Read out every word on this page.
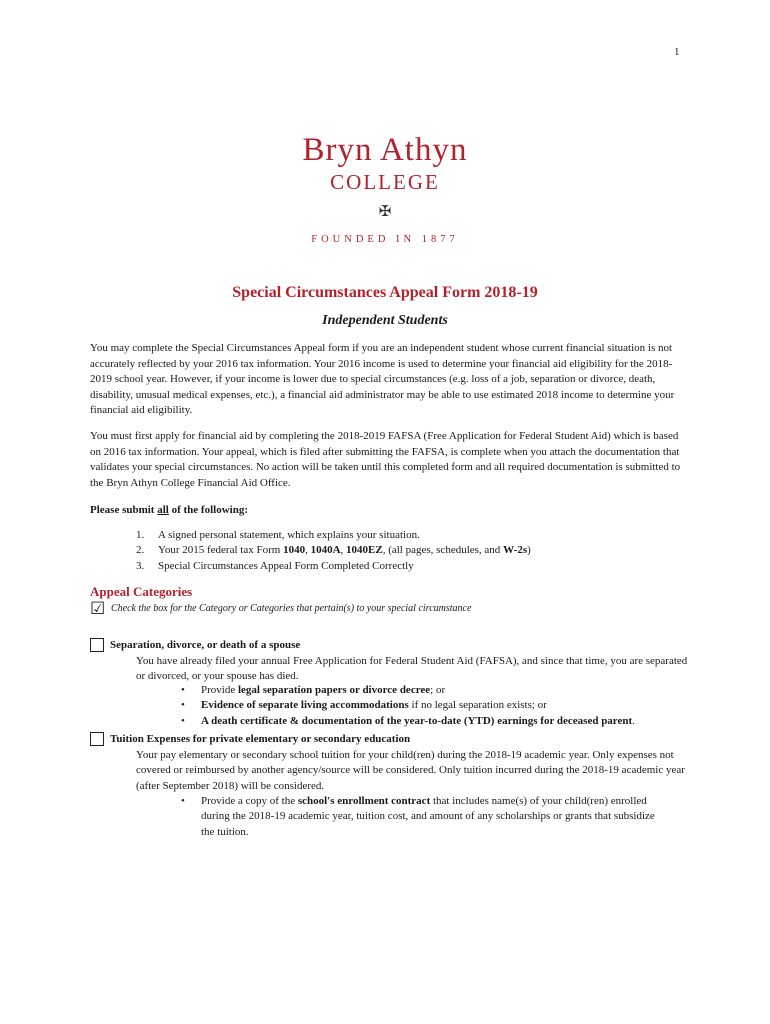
1
Bryn Athyn
COLLEGE
✠
FOUNDED IN 1877
Special Circumstances Appeal Form 2018-19
Independent Students
You may complete the Special Circumstances Appeal form if you are an independent student whose current financial situation is not accurately reflected by your 2016 tax information. Your 2016 income is used to determine your financial aid eligibility for the 2018-2019 school year. However, if your income is lower due to special circumstances (e.g. loss of a job, separation or divorce, death, disability, unusual medical expenses, etc.), a financial aid administrator may be able to use estimated 2018 income to determine your financial aid eligibility.
You must first apply for financial aid by completing the 2018-2019 FAFSA (Free Application for Federal Student Aid) which is based on 2016 tax information. Your appeal, which is filed after submitting the FAFSA, is complete when you attach the documentation that validates your special circumstances. No action will be taken until this completed form and all required documentation is submitted to the Bryn Athyn College Financial Aid Office.
Please submit all of the following:
1.	A signed personal statement, which explains your situation.
2.	Your 2015 federal tax Form 1040, 1040A, 1040EZ, (all pages, schedules, and W-2s)
3.	Special Circumstances Appeal Form Completed Correctly
Appeal Categories
☑ Check the box for the Category or Categories that pertain(s) to your special circumstance
Separation, divorce, or death of a spouse
You have already filed your annual Free Application for Federal Student Aid (FAFSA), and since that time, you are separated or divorced, or your spouse has died.
•	Provide legal separation papers or divorce decree; or
•	Evidence of separate living accommodations if no legal separation exists; or
•	A death certificate & documentation of the year-to-date (YTD) earnings for deceased parent.
Tuition Expenses for private elementary or secondary education
Your pay elementary or secondary school tuition for your child(ren) during the 2018-19 academic year. Only expenses not covered or reimbursed by another agency/source will be considered. Only tuition incurred during the 2018-19 academic year (after September 2018) will be considered.
•	Provide a copy of the school's enrollment contract that includes name(s) of your child(ren) enrolled during the 2018-19 academic year, tuition cost, and amount of any scholarships or grants that subsidize the tuition.
